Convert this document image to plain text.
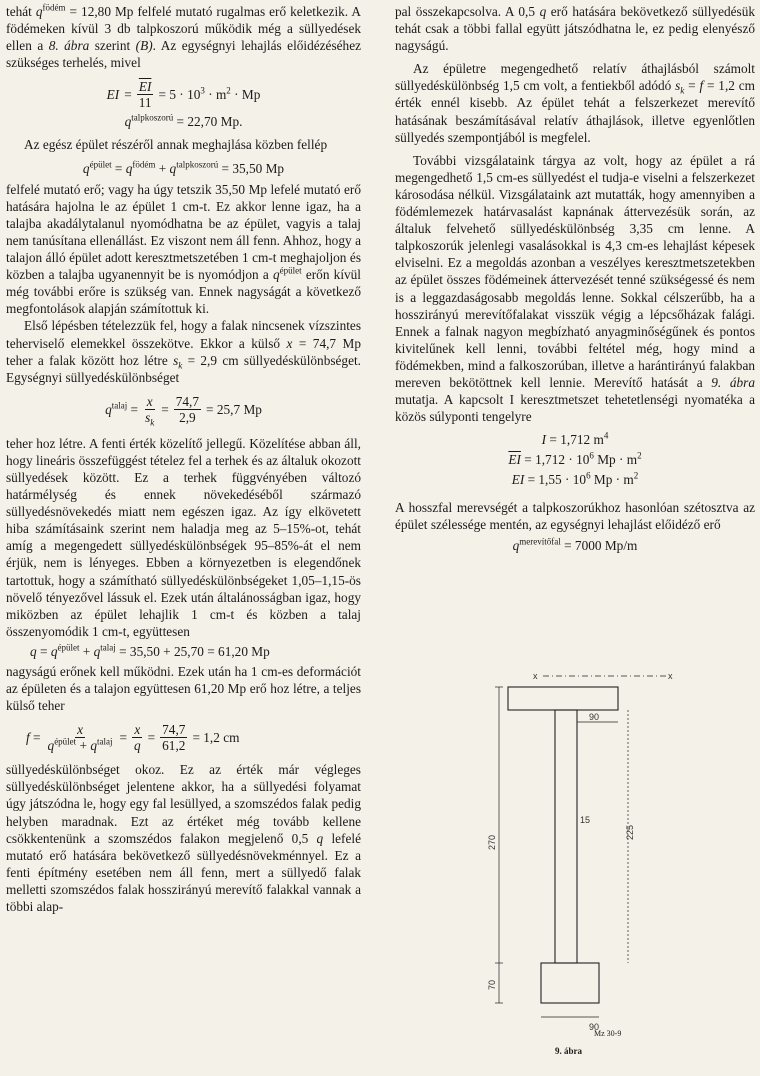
tehát $q^{födém} = 12,80$ Mp felfelé mutató rugalmas erő keletkezik. A födémeken kívül 3 db talpkoszorú működik még a süllyedések ellen a 8. ábra szerint (B). Az egységnyi lehajlás előidézéséhez szükséges terhelés, mivel

EI = $\frac{\overline{EI}}{11} = 5 \cdot 10^3 \cdot m^2 \cdot Mp$
$q^{talpkoszorú} = 22,70$ Mp.

Az egész épület részéről annak meghajlása közben fellép

$q^{épület} = q^{födém} + q^{talpkoszorú} = 35,50$ Mp

felfelé mutató erő; vagy ha úgy tetszik 35,50 Mp lefelé mutató erő hatására hajolna le az épület 1 cm-t. Ez akkor lenne igaz, ha a talajba akadálytalanul nyomódhatna be az épület, vagyis a talaj nem tanúsítana ellenállást. Ez viszont nem áll fenn. Ahhoz, hogy a talajon álló épület adott keresztmetszetében 1 cm-t meghajoljon és közben a talajba ugyanennyit be is nyomódjon a $q^{épület}$ erőn kívül még további erőre is szükség van. Ennek nagyságát a következő megfontolások alapján számítottuk ki.

Első lépésben tételezzük fel, hogy a falak nincsenek vízszintes teherviselő elemekkel összekötve. Ekkor a külső x = 74,7 Mp teher a falak között hoz létre $s_k = 2,9$ cm süllyedéskülönbséget. Egységnyi süllyedéskülönbséget

$q^{talaj} = \frac{x}{s_k} = \frac{74,7}{2,9} = 25,7$ Mp

teher hoz létre. A fenti érték közelítő jellegű. Közelítése abban áll, hogy lineáris összefüggést tételez fel a terhek és az általuk okozott süllyedések között. Ez a terhek függvényében változó határmélység és ennek növekedéséből származó süllyedésnövekedés miatt nem egészen igaz. Az így elkövetett hiba számításaink szerint nem haladja meg az 5–15%-ot, tehát amíg a megengedett süllyedéskülönbségek 95–85%-át el nem érjük, nem is lényeges. Ebben a környezetben is elegendőnek tartottuk, hogy a számítható süllyedéskülönbségeket 1,05–1,15-ös növelő tényezővel lássuk el. Ezek után általánosságban igaz, hogy miközben az épület lehajlik 1 cm-t és közben a talaj összenyomódik 1 cm-t, együttesen

$q = q^{épület} + q^{talaj} = 35,50 + 25,70 = 61,20$ Mp

nagyságú erőnek kell működni. Ezek után ha 1 cm-es deformációt az épületen és a talajon együttesen 61,20 Mp erő hoz létre, a teljes külső teher

$f = \frac{x}{q^{épület} + q^{talaj}} = \frac{x}{q} = \frac{74,7}{61,2} = 1,2$ cm

süllyedéskülönbséget okoz. Ez az érték már végleges süllyedéskülönbséget jelentene akkor, ha a süllyedési folyamat úgy játszódna le, hogy egy fal lesüllyed, a szomszédos falak pedig helyben maradnak. Ezt az értéket még tovább kellene csökkentenünk a szomszédos falakon megjelenő 0,5 q lefelé mutató erő hatására bekövetkező süllyedésnövekménnyel. Ez a fenti építmény esetében nem áll fenn, mert a süllyedő falak melletti szomszédos falak hosszirányú merevítő falakkal vannak a többi alap-

pal összekapcsolva. A 0,5 q erő hatására bekövetkező süllyedésük tehát csak a többi fallal együtt játszódhatna le, ez pedig elenyésző nagyságú.

Az épületre megengedhető relatív áthajlásból számolt süllyedéskülönbség 1,5 cm volt, a fentiekből adódó $s_k = f = 1,2$ cm érték ennél kisebb. Az épület tehát a felszerkezet merevítő hatásának beszámításával relatív áthajlások, illetve egyenlőtlen süllyedés szempontjából is megfelel.

További vizsgálataink tárgya az volt, hogy az épület a rá megengedhető 1,5 cm-es süllyedést el tudja-e viselni a felszerkezet károsodása nélkül. Vizsgálataink azt mutatták, hogy amennyiben a födémlemezek határvasalást kapnának áttervezésük során, az általuk felvehető süllyedéskülönbség 3,35 cm lenne. A talpkoszorúk jelenlegi vasalásokkal is 4,3 cm-es lehajlást képesek elviselni. Ez a megoldás azonban a veszélyes keresztmetszetekben az épület összes födémeinek áttervezését tenné szükségessé és nem is a leggazdaságosabb megoldás lenne. Sokkal célszerűbb, ha a hosszirányú merevítőfalakat visszük végig a lépcsőházak falági. Ennek a falnak nagyon megbízható anyagminőségűnek és pontos kivitelűnek kell lenni, további feltétel még, hogy mind a födémekben, mind a falkoszorúban, illetve a harántirányú falakban mereven bekötöttnek kell lennie. Merevítő hatását a 9. ábra mutatja. A kapcsolt I keresztmetszet tehetetlenségi nyomatéka a közös súlyponti tengelyre

I = 1,712 $m^4$
$\overline{EI} = 1,712 \cdot 10^6$ $Mp \cdot m^2$
EI = $1,55 \cdot 10^6$ $Mp \cdot m^2$

A hosszfal merevségét a talpkoszorúkhoz hasonlóan szétosztva az épület szélessége mentén, az egységnyi lehajlást előidéző erő

$q^{merevítőfal} = 7000$ Mp/m
x	x
90
225
270
15
70
90
Mz 30-9
9. ábra
